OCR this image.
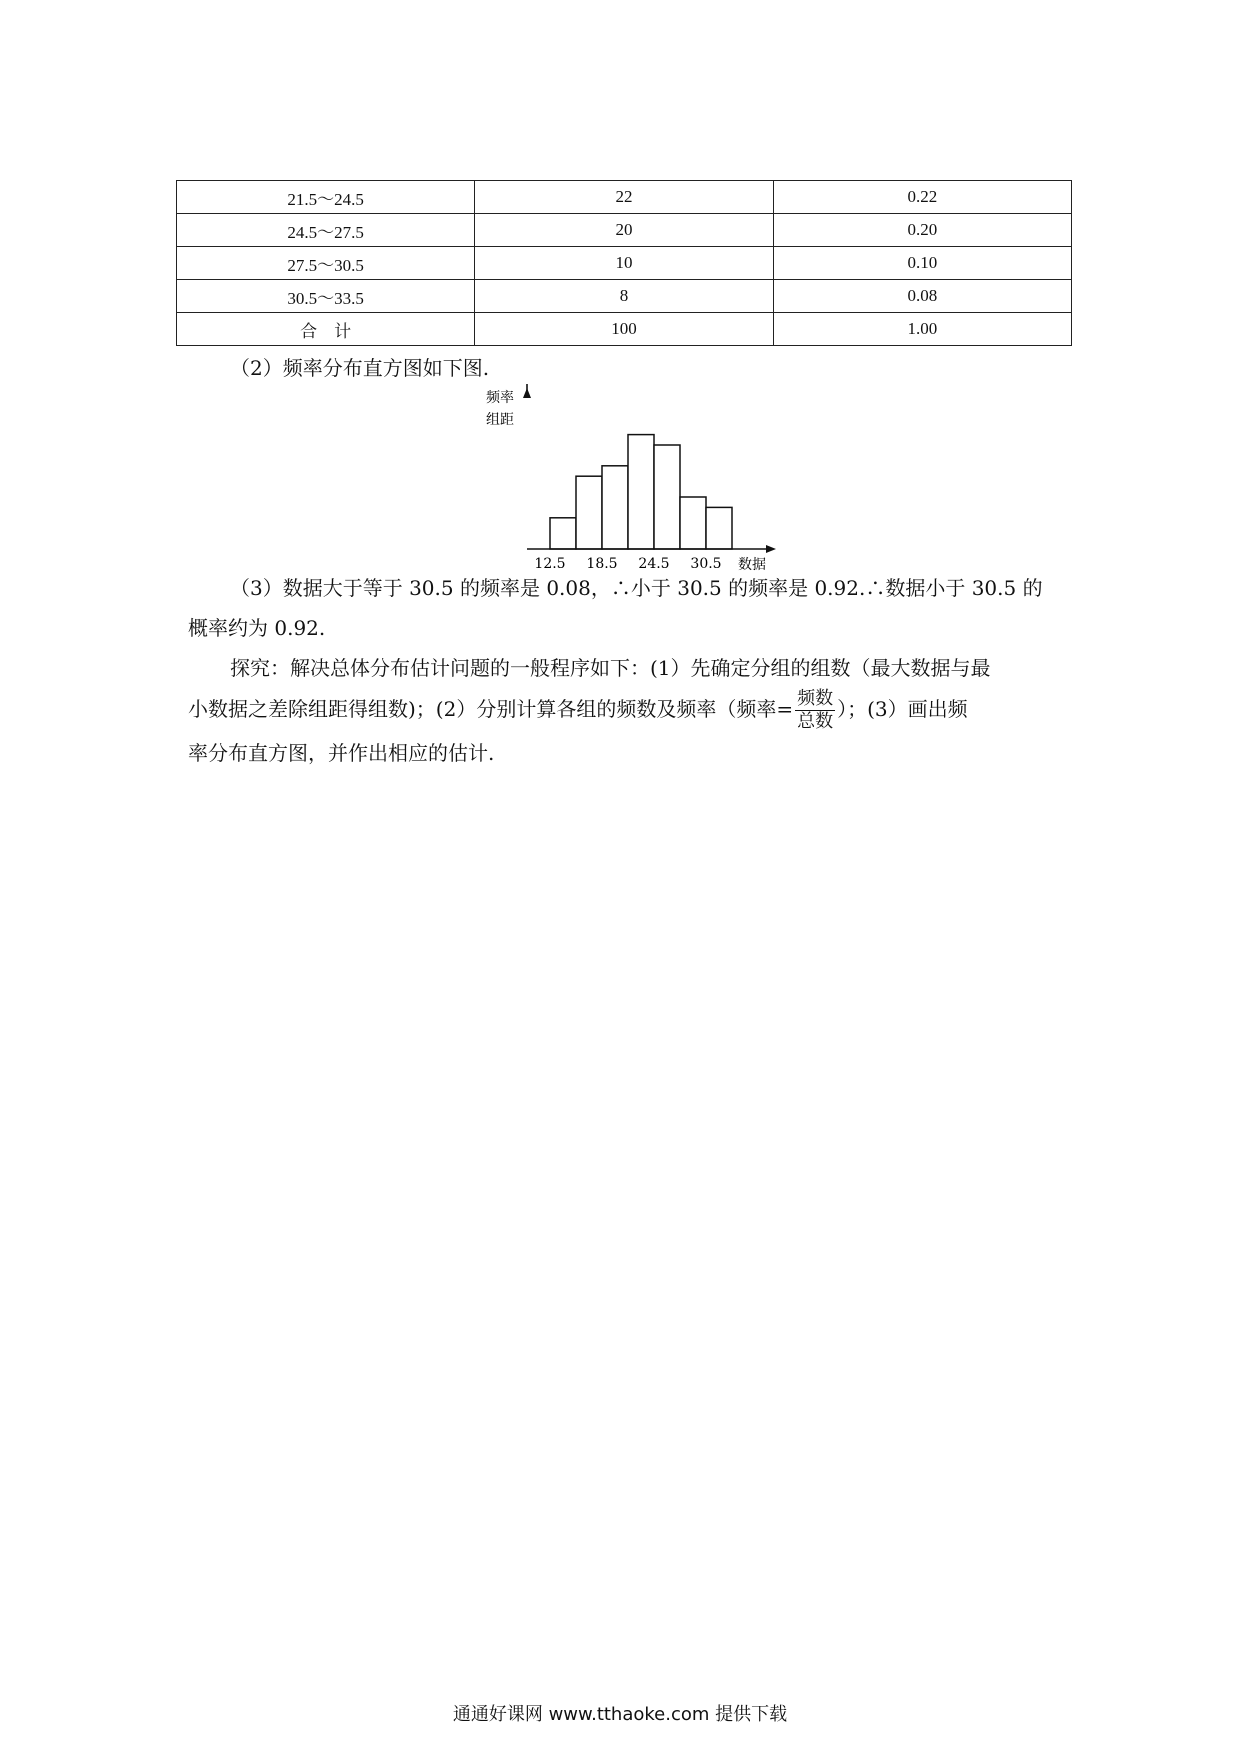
21.5～24.5	22	0.22
24.5～27.5	20	0.20
27.5～30.5	10	0.10
30.5～33.5	8	0.08
合　计	100	1.00

（2）频率分布直方图如下图.

频率
组距
数据
12.5 18.5 24.5 30.5
（3）数据大于等于 30.5 的频率是 0.08，∴小于 30.5 的频率是 0.92.∴数据小于 30.5 的
概率约为 0.92.
探究：解决总体分布估计问题的一般程序如下：(1）先确定分组的组数（最大数据与最
小数据之差除组距得组数)；(2）分别计算各组的频数及频率（频率= $\frac{\text{频数}}{\text{总数}}$ ）；(3）画出频
率分布直方图，并作出相应的估计.
通通好课网 www.tthaoke.com 提供下载
